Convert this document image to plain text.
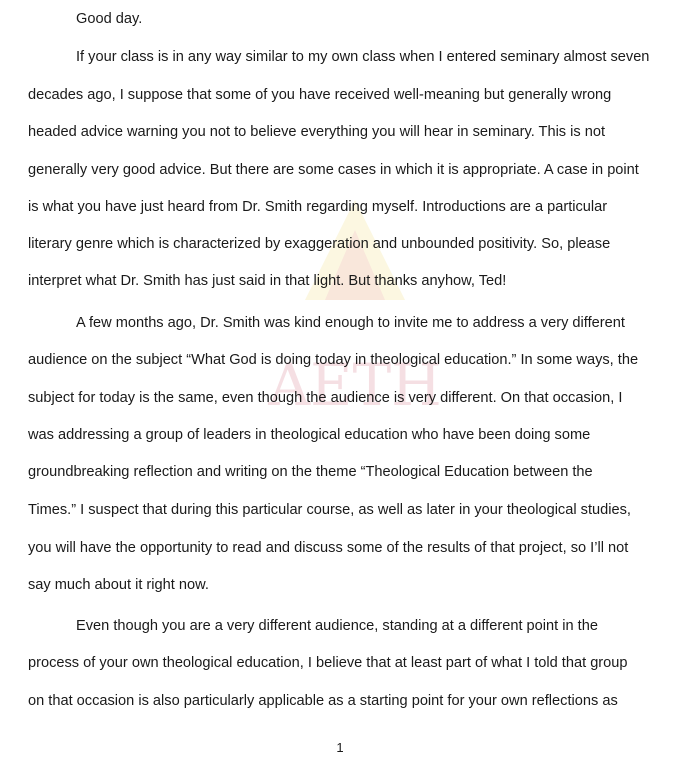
AETH
Good day.
If your class is in any way similar to my own class when I entered seminary almost seven
decades ago, I suppose that some of you have received well-meaning but generally wrong
headed advice warning you not to believe everything you will hear in seminary. This is not
generally very good advice. But there are some cases in which it is appropriate. A case in point
is what you have just heard from Dr. Smith regarding myself. Introductions are a particular
literary genre which is characterized by exaggeration and unbounded positivity. So, please
interpret what Dr. Smith has just said in that light. But thanks anyhow, Ted!
A few months ago, Dr. Smith was kind enough to invite me to address a very different
audience on the subject “What God is doing today in theological education.” In some ways, the
subject for today is the same, even though the audience is very different. On that occasion, I
was addressing a group of leaders in theological education who have been doing some
groundbreaking reflection and writing on the theme “Theological Education between the
Times.” I suspect that during this particular course, as well as later in your theological studies,
you will have the opportunity to read and discuss some of the results of that project, so I’ll not
say much about it right now.
Even though you are a very different audience, standing at a different point in the
process of your own theological education, I believe that at least part of what I told that group
on that occasion is also particularly applicable as a starting point for your own reflections as
1
